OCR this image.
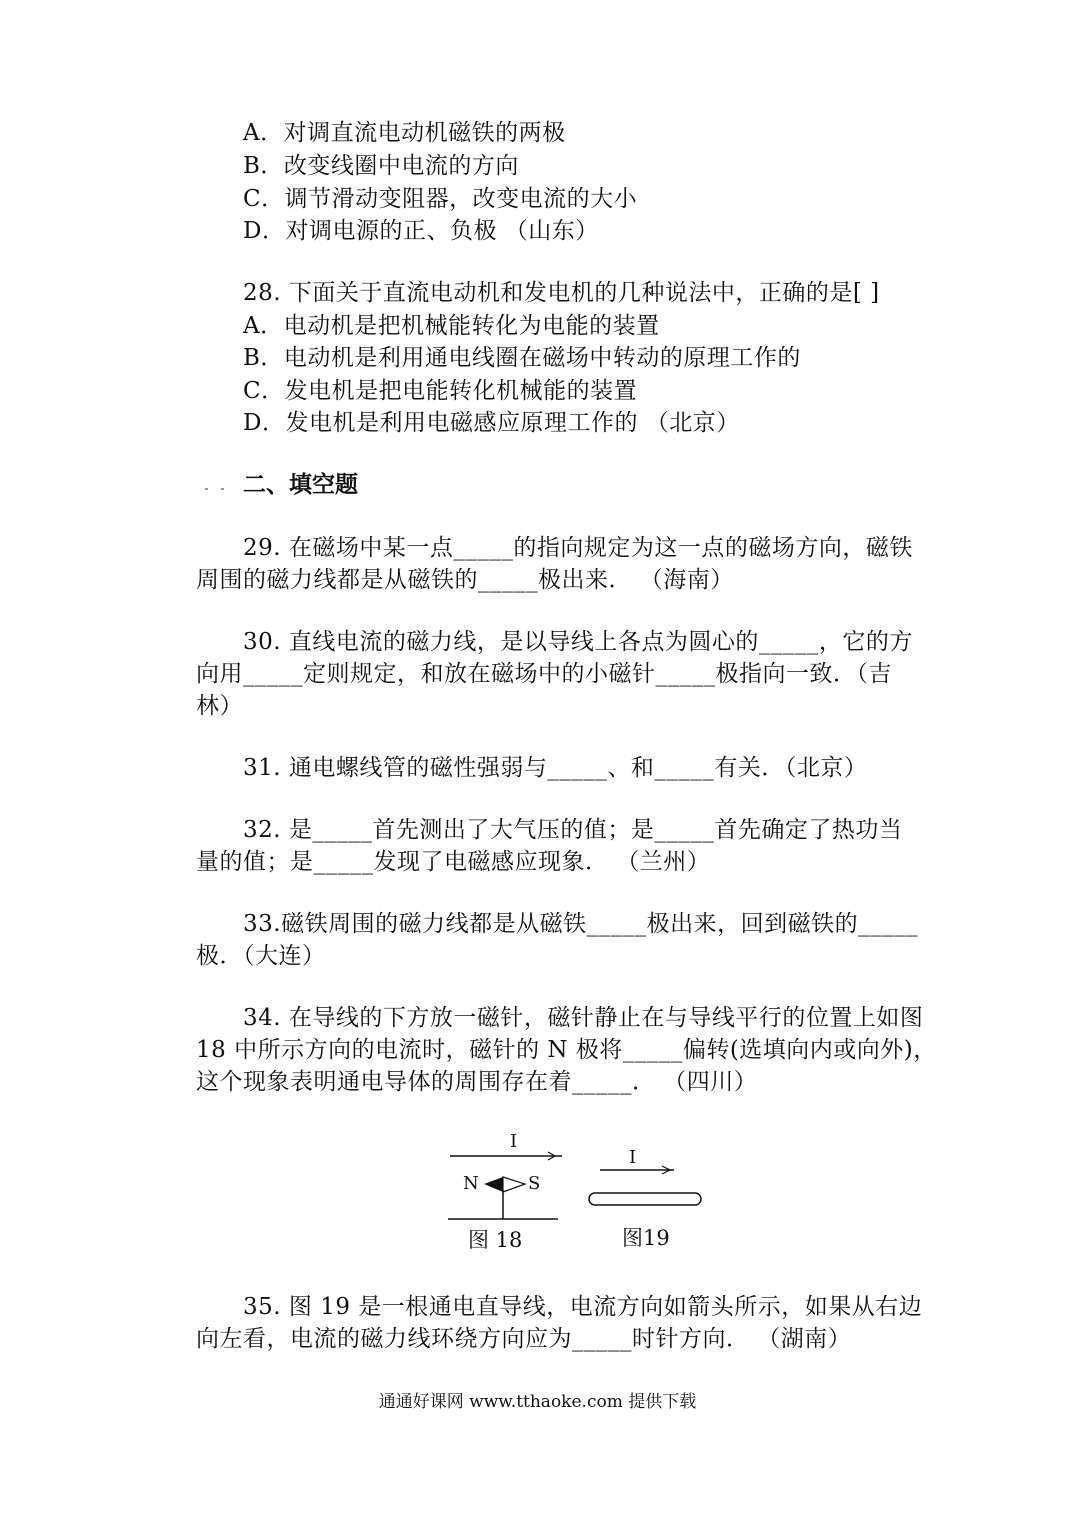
A．对调直流电动机磁铁的两极
B．改变线圈中电流的方向
C．调节滑动变阻器，改变电流的大小
D．对调电源的正、负极 （山东）
28. 下面关于直流电动机和发电机的几种说法中，正确的是[ ]
A．电动机是把机械能转化为电能的装置
B．电动机是利用通电线圈在磁场中转动的原理工作的
C．发电机是把电能转化机械能的装置
D．发电机是利用电磁感应原理工作的 （北京）
二、填空题
29. 在磁场中某一点_____的指向规定为这一点的磁场方向，磁铁
周围的磁力线都是从磁铁的_____极出来． （海南）
30. 直线电流的磁力线，是以导线上各点为圆心的_____，它的方
向用_____定则规定，和放在磁场中的小磁针_____极指向一致．（吉
林）
31. 通电螺线管的磁性强弱与_____、和_____有关．（北京）
32. 是_____首先测出了大气压的值；是_____首先确定了热功当
量的值；是_____发现了电磁感应现象． （兰州）
33.磁铁周围的磁力线都是从磁铁_____极出来，回到磁铁的_____
极．（大连）
34. 在导线的下方放一磁针，磁针静止在与导线平行的位置上如图
18 中所示方向的电流时，磁针的 N 极将_____偏转(选填向内或向外)，
这个现象表明通电导体的周围存在着_____． （四川）
I
N	S
图 18
I
图19
35. 图 19 是一根通电直导线，电流方向如箭头所示，如果从右边
向左看，电流的磁力线环绕方向应为_____时针方向． （湖南）
通通好课网 www.tthaoke.com 提供下载
